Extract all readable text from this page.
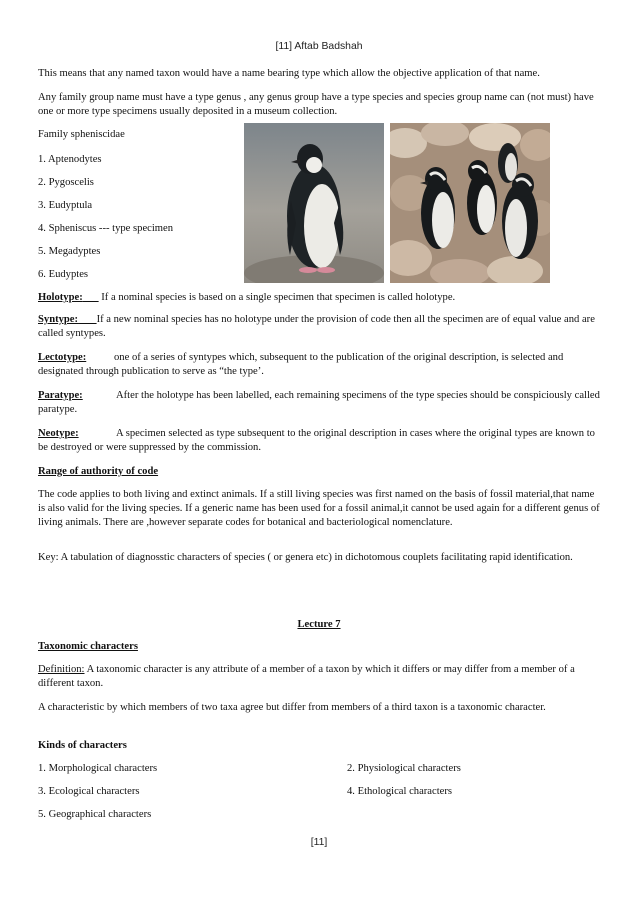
[11] Aftab Badshah

This means that any named taxon would have a name bearing type which allow the objective application of that name.

Any family group name must have a type genus , any genus group have a type species and species group name can (not must) have one or more type specimens usually deposited in a museum collection.

Family spheniscidae

1. Aptenodytes

2. Pygoscelis

3. Eudyptula

4. Spheniscus --- type specimen

5. Megadyptes

6. Eudyptes

Holotype:       If a nominal species is based on a single specimen that specimen is called holotype.

Syntype: If a new nominal species has no holotype under the provision of code then all the specimen are of equal value and are called syntypes.

Lectotype:	one of a series of syntypes which, subsequent to the publication of the original description, is selected and designated through publication to serve as “the type’.

Paratype:	After the holotype has been labelled, each remaining specimens of the type species should be conspiciously called paratype.

Neotype:	A specimen selected as type subsequent to the original description in cases where the original types are known to be destroyed or were suppressed by the commission.

Range of authority of code

The code applies to both living and extinct animals. If a still living species was first named on the basis of fossil material,that name is also valid for the living species. If a generic name has been used for a fossil animal,it cannot be used again for a different genus of living animals. There are ,however separate codes for botanical and bacteriological nomenclature.

Key: A tabulation of diagnosstic characters of species ( or genera etc) in dichotomous couplets facilitating rapid identification.

Lecture 7

Taxonomic characters

Definition: A taxonomic character is any attribute of a member of a taxon by which it differs or may differ from a member of a different taxon.

A characteristic by which members of two taxa agree but differ from members of a third taxon is a taxonomic character.

Kinds of characters

1. Morphological characters	2. Physiological characters

3. Ecological characters	4. Ethological characters

5. Geographical characters

[11]
